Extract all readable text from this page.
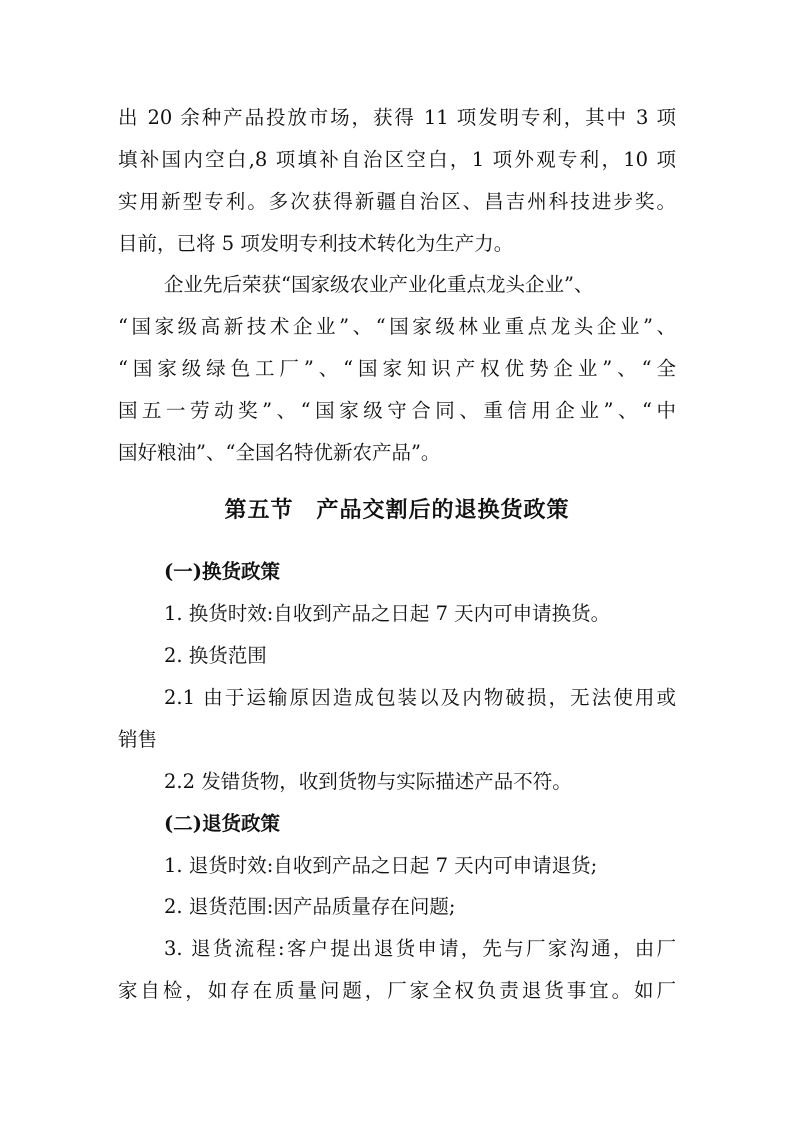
出 20 余种产品投放市场，获得 11 项发明专利，其中 3 项
填补国内空白,8 项填补自治区空白，1 项外观专利，10 项
实用新型专利。多次获得新疆自治区、昌吉州科技进步奖。
目前，已将 5 项发明专利技术转化为生产力。
企业先后荣获“国家级农业产业化重点龙头企业”、
“国家级高新技术企业”、“国家级林业重点龙头企业”、
“国家级绿色工厂”、“国家知识产权优势企业”、“全
国五一劳动奖”、“国家级守合同、重信用企业”、“中
国好粮油”、“全国名特优新农产品”。
第五节　产品交割后的退换货政策
(一)换货政策
1. 换货时效:自收到产品之日起 7 天内可申请换货。
2. 换货范围
2.1 由于运输原因造成包装以及内物破损，无法使用或
销售
2.2 发错货物，收到货物与实际描述产品不符。
(二)退货政策
1. 退货时效:自收到产品之日起 7 天内可申请退货;
2. 退货范围:因产品质量存在问题;
3. 退货流程:客户提出退货申请，先与厂家沟通，由厂
家自检，如存在质量问题，厂家全权负责退货事宜。如厂
